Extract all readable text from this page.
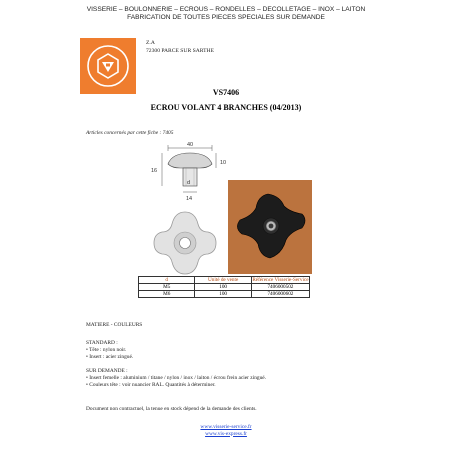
VISSERIE – BOULONNERIE – ECROUS – RONDELLES – DECOLLETAGE – INOX – LAITON
FABRICATION DE TOUTES PIECES SPECIALES SUR DEMANDE
Z.A
72300 PARCE SUR SARTHE
VS7406
ECROU VOLANT 4 BRANCHES (04/2013)
Articles concernés par cette fiche : 7405
40
16
10
d
14
d	Unité de vente	Référence Visserie-Service
M5	100	7406000502
M6	100	7406000602
MATIERE - COULEURS
STANDARD :
• Tête : nylon noir.
• Insert : acier zingué.
SUR DEMANDE :
• Insert femelle : aluminium / titane / nylon / inox / laiton / écrou frein acier zingué.
• Couleurs tête : voir nuancier RAL. Quantités à déterminer.
Document non contractuel, la tenue en stock dépend de la demande des clients.
www.visserie-service.fr
www.vis-express.fr
